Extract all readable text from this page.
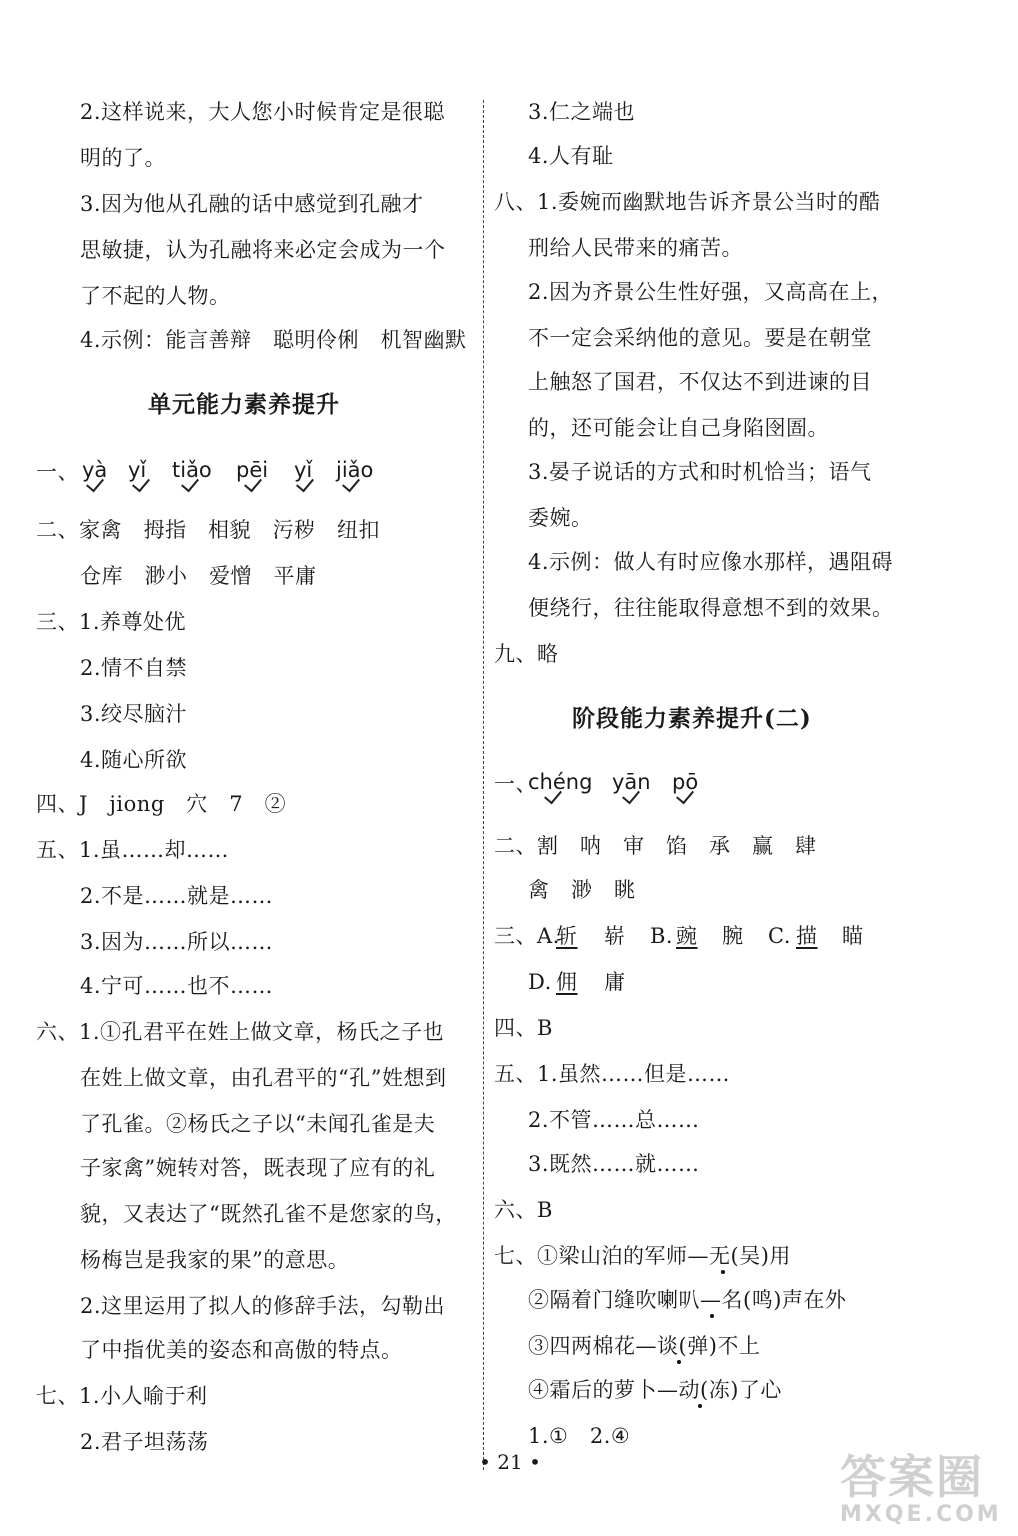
2.这样说来，大人您小时候肯定是很聪
明的了。
3.因为他从孔融的话中感觉到孔融才
思敏捷，认为孔融将来必定会成为一个
了不起的人物。
4.示例：能言善辩　聪明伶俐　机智幽默
单元能力素养提升
一、 yà yǐ tiǎo pēi yǐ jiǎo
二、家禽　拇指　相貌　污秽　纽扣
仓库　渺小　爱憎　平庸
三、1.养尊处优
2.情不自禁
3.绞尽脑汁
4.随心所欲
四、J　jiong　穴　7　②
五、1.虽……却……
2.不是……就是……
3.因为……所以……
4.宁可……也不……
六、1.①孔君平在姓上做文章，杨氏之子也
在姓上做文章，由孔君平的“孔”姓想到
了孔雀。②杨氏之子以“未闻孔雀是夫
子家禽”婉转对答，既表现了应有的礼
貌，又表达了“既然孔雀不是您家的鸟，
杨梅岂是我家的果”的意思。
2.这里运用了拟人的修辞手法，勾勒出
了中指优美的姿态和高傲的特点。
七、1.小人喻于利
2.君子坦荡荡
3.仁之端也
4.人有耻
八、1.委婉而幽默地告诉齐景公当时的酷
刑给人民带来的痛苦。
2.因为齐景公生性好强，又高高在上，
不一定会采纳他的意见。要是在朝堂
上触怒了国君，不仅达不到进谏的目
的，还可能会让自己身陷囹圄。
3.晏子说话的方式和时机恰当；语气
委婉。
4.示例：做人有时应像水那样，遇阻碍
便绕行，往往能取得意想不到的效果。
九、略
阶段能力素养提升(二)
一、
chéng yān pō
二、割　呐　审　馅　承　赢　肆
禽　渺　眺
三、A.
斩 崭 B. 豌 腕 C. 描 瞄
D. 佣 庸
四、B
五、1.虽然……但是……
2.不管……总……
3.既然……就……
六、B
七、①梁山泊的军师—无(吴)用
②隔着门缝吹喇叭—名(鸣)声在外
③四两棉花—谈(弹)不上
④霜后的萝卜—动(冻)了心
1.①　2.④
• 21 •	答案圈
MXQE.COM
